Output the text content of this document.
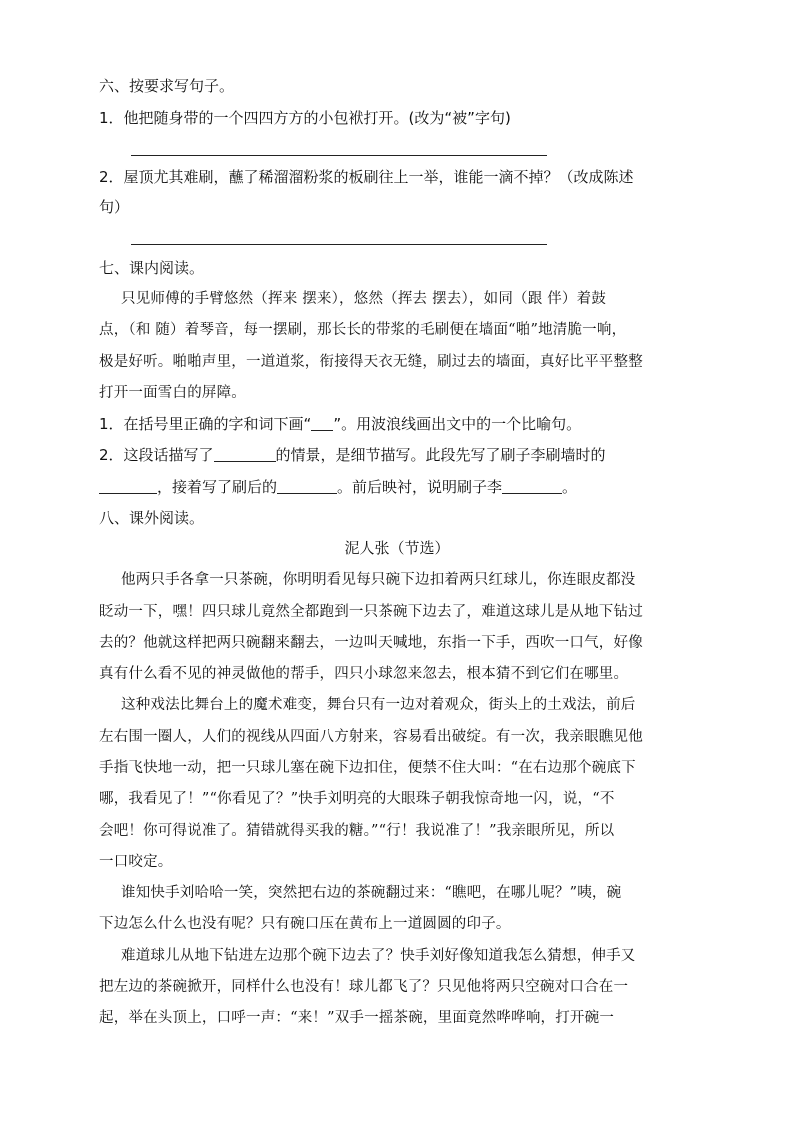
六、按要求写句子。
1．他把随身带的一个四四方方的小包袱打开。(改为“被”字句)
2．屋顶尤其难刷，蘸了稀溜溜粉浆的板刷往上一举，谁能一滴不掉？（改成陈述
句）
七、课内阅读。
只见师傅的手臂悠然（挥来 摆来），悠然（挥去 摆去），如同（跟 伴）着鼓
点，（和 随）着琴音，每一摆刷，那长长的带浆的毛刷便在墙面“啪”地清脆一响，
极是好听。啪啪声里，一道道浆，衔接得天衣无缝，刷过去的墙面，真好比平平整整
打开一面雪白的屏障。
1．在括号里正确的字和词下画“ ”。用波浪线画出文中的一个比喻句。
2．这段话描写了	的情景，是细节描写。此段先写了刷子李刷墙时的
，接着写了刷后的	。前后映衬，说明刷子李	。
八、课外阅读。
泥人张（节选）
他两只手各拿一只茶碗，你明明看见每只碗下边扣着两只红球儿，你连眼皮都没
眨动一下，嘿！四只球儿竟然全都跑到一只茶碗下边去了，难道这球儿是从地下钻过
去的？他就这样把两只碗翻来翻去，一边叫天喊地，东指一下手，西吹一口气，好像
真有什么看不见的神灵做他的帮手，四只小球忽来忽去，根本猜不到它们在哪里。
这种戏法比舞台上的魔术难变，舞台只有一边对着观众，街头上的土戏法，前后
左右围一圈人，人们的视线从四面八方射来，容易看出破绽。有一次，我亲眼瞧见他
手指飞快地一动，把一只球儿塞在碗下边扣住，便禁不住大叫：“在右边那个碗底下
哪，我看见了！”“你看见了？”快手刘明亮的大眼珠子朝我惊奇地一闪，说，“不
会吧！你可得说准了。猜错就得买我的糖。”“行！我说准了！”我亲眼所见，所以
一口咬定。
谁知快手刘哈哈一笑，突然把右边的茶碗翻过来：“瞧吧，在哪儿呢？”咦，碗
下边怎么什么也没有呢？只有碗口压在黄布上一道圆圆的印子。
难道球儿从地下钻进左边那个碗下边去了？快手刘好像知道我怎么猜想，伸手又
把左边的茶碗掀开，同样什么也没有！球儿都飞了？只见他将两只空碗对口合在一
起，举在头顶上，口呼一声：“来！”双手一摇茶碗，里面竟然哗哗响，打开碗一
